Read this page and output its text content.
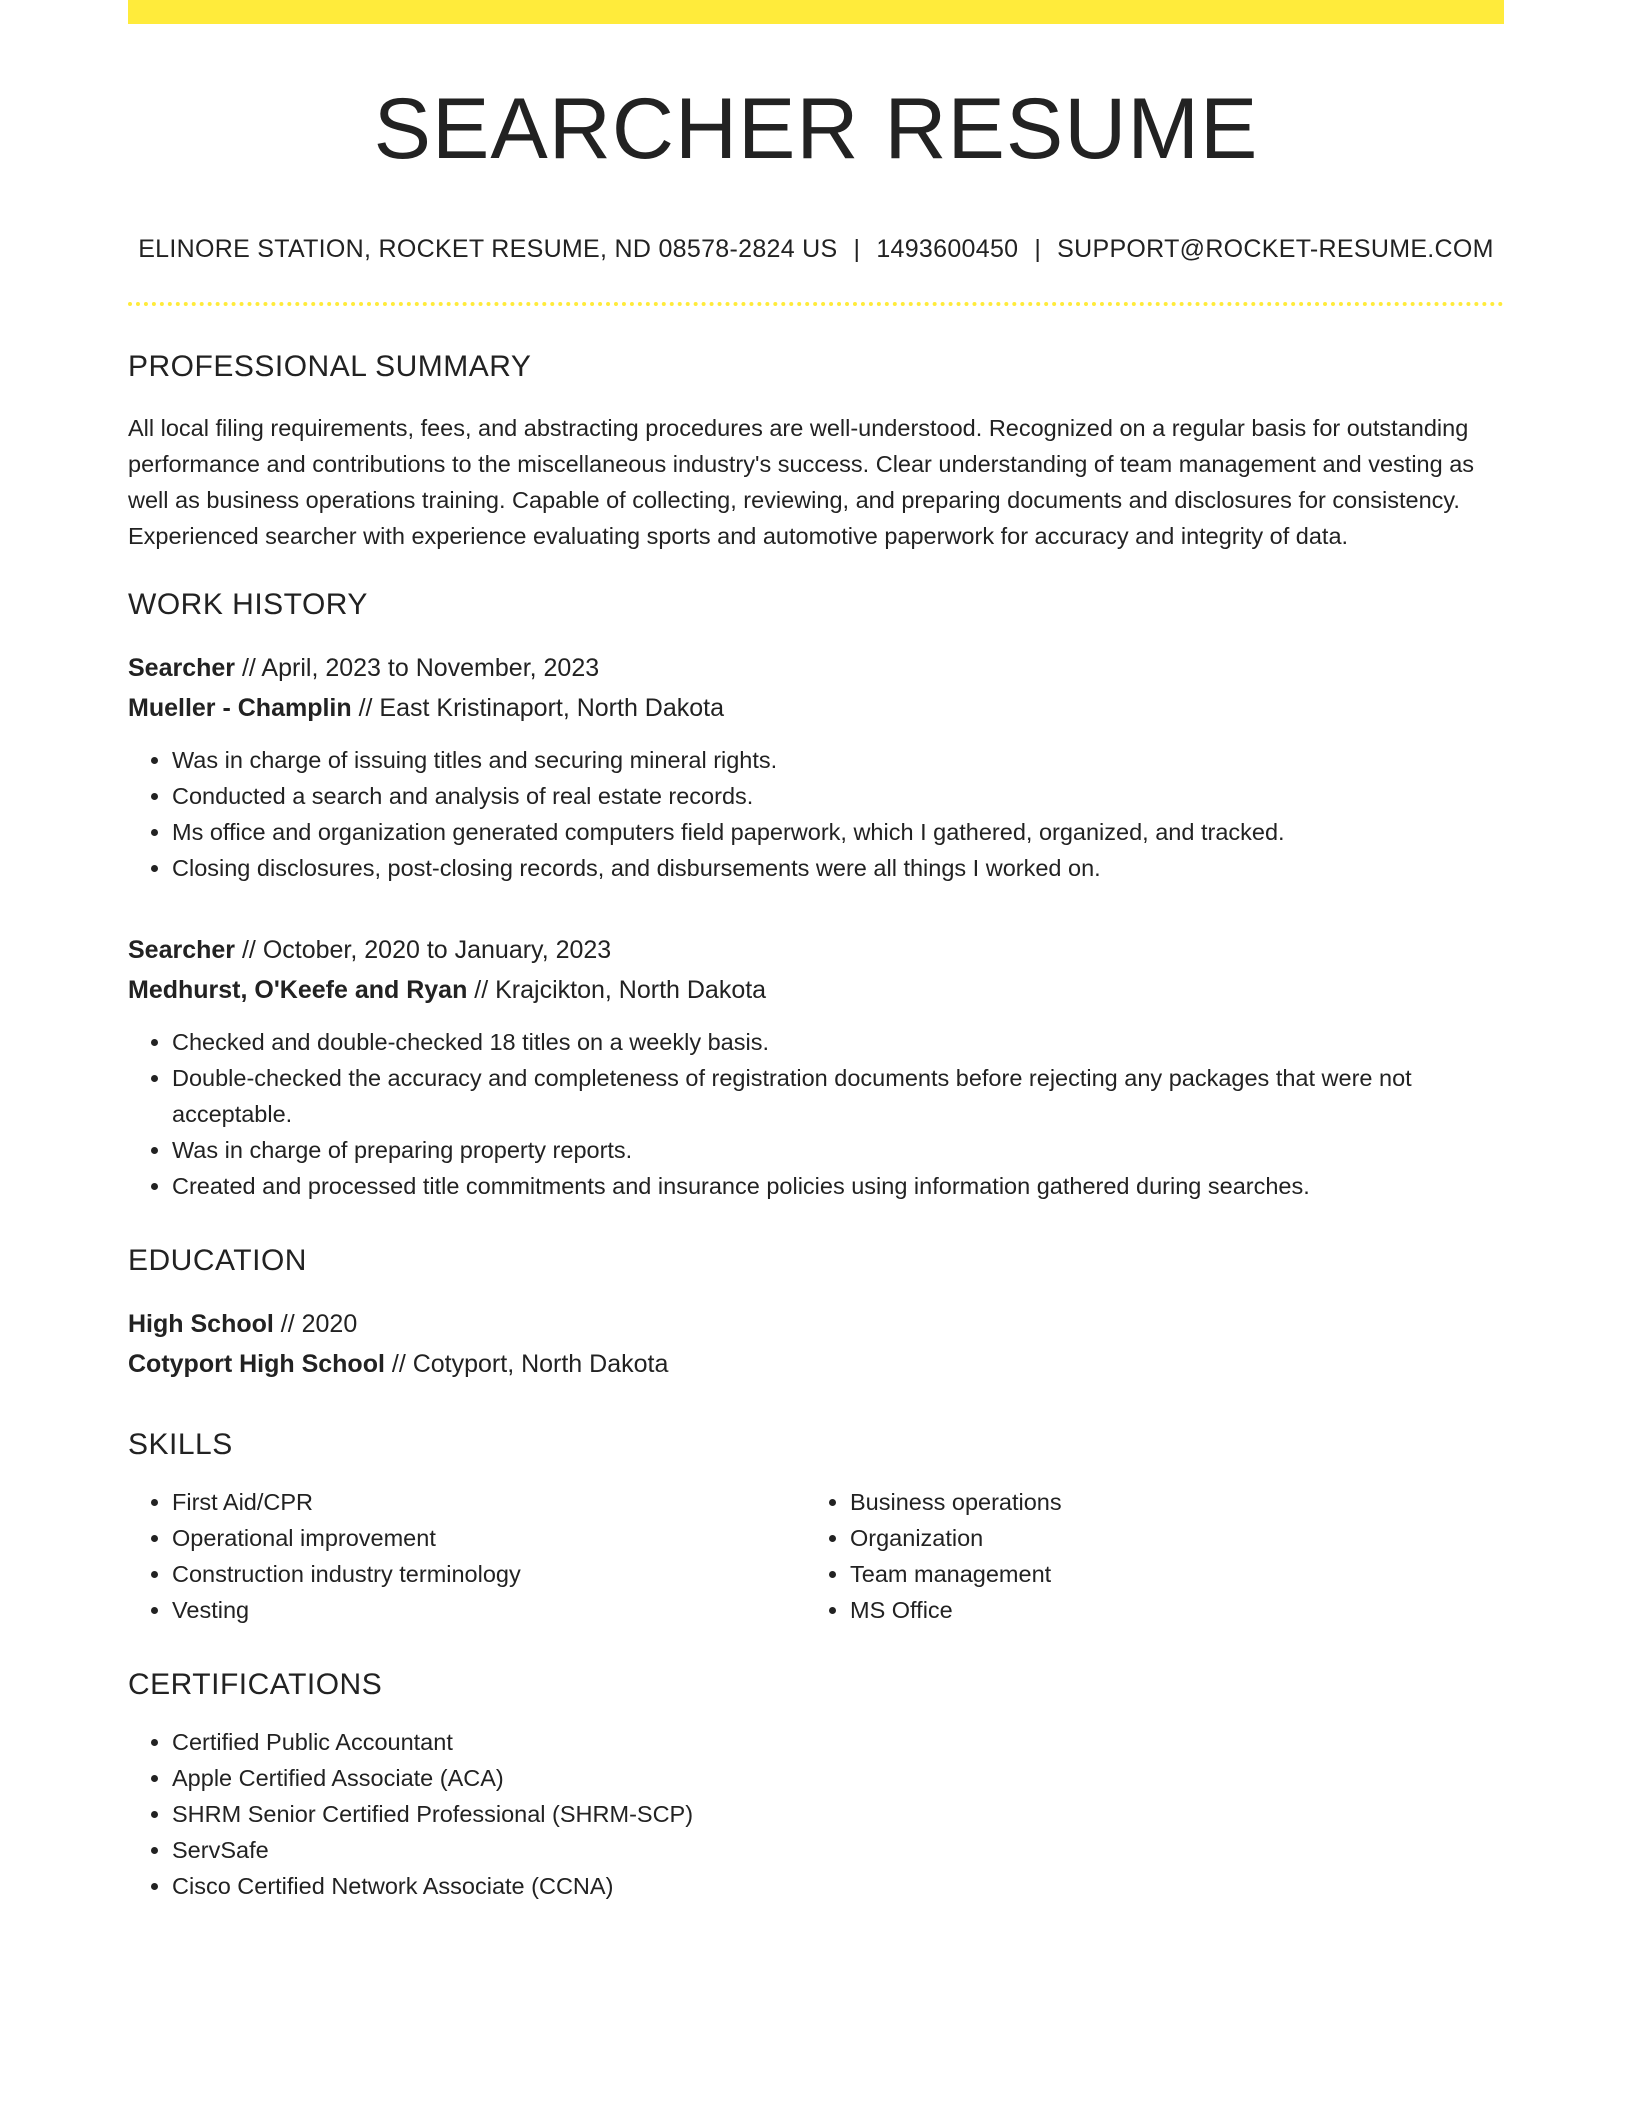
SEARCHER RESUME
ELINORE STATION, ROCKET RESUME, ND 08578-2824 US | 1493600450 | SUPPORT@ROCKET-RESUME.COM
PROFESSIONAL SUMMARY

All local filing requirements, fees, and abstracting procedures are well-understood. Recognized on a regular basis for outstanding performance and contributions to the miscellaneous industry's success. Clear understanding of team management and vesting as well as business operations training. Capable of collecting, reviewing, and preparing documents and disclosures for consistency. Experienced searcher with experience evaluating sports and automotive paperwork for accuracy and integrity of data.

WORK HISTORY
Searcher // April, 2023 to November, 2023
Mueller - Champlin // East Kristinaport, North Dakota
• Was in charge of issuing titles and securing mineral rights.
• Conducted a search and analysis of real estate records.
• Ms office and organization generated computers field paperwork, which I gathered, organized, and tracked.
• Closing disclosures, post-closing records, and disbursements were all things I worked on.
Searcher // October, 2020 to January, 2023
Medhurst, O'Keefe and Ryan // Krajcikton, North Dakota
• Checked and double-checked 18 titles on a weekly basis.
• Double-checked the accuracy and completeness of registration documents before rejecting any packages that were not acceptable.
• Was in charge of preparing property reports.
• Created and processed title commitments and insurance policies using information gathered during searches.
EDUCATION
High School // 2020
Cotyport High School // Cotyport, North Dakota
SKILLS
• First Aid/CPR
• Operational improvement
• Construction industry terminology
• Vesting
• Business operations
• Organization
• Team management
• MS Office
CERTIFICATIONS
• Certified Public Accountant
• Apple Certified Associate (ACA)
• SHRM Senior Certified Professional (SHRM-SCP)
• ServSafe
• Cisco Certified Network Associate (CCNA)
